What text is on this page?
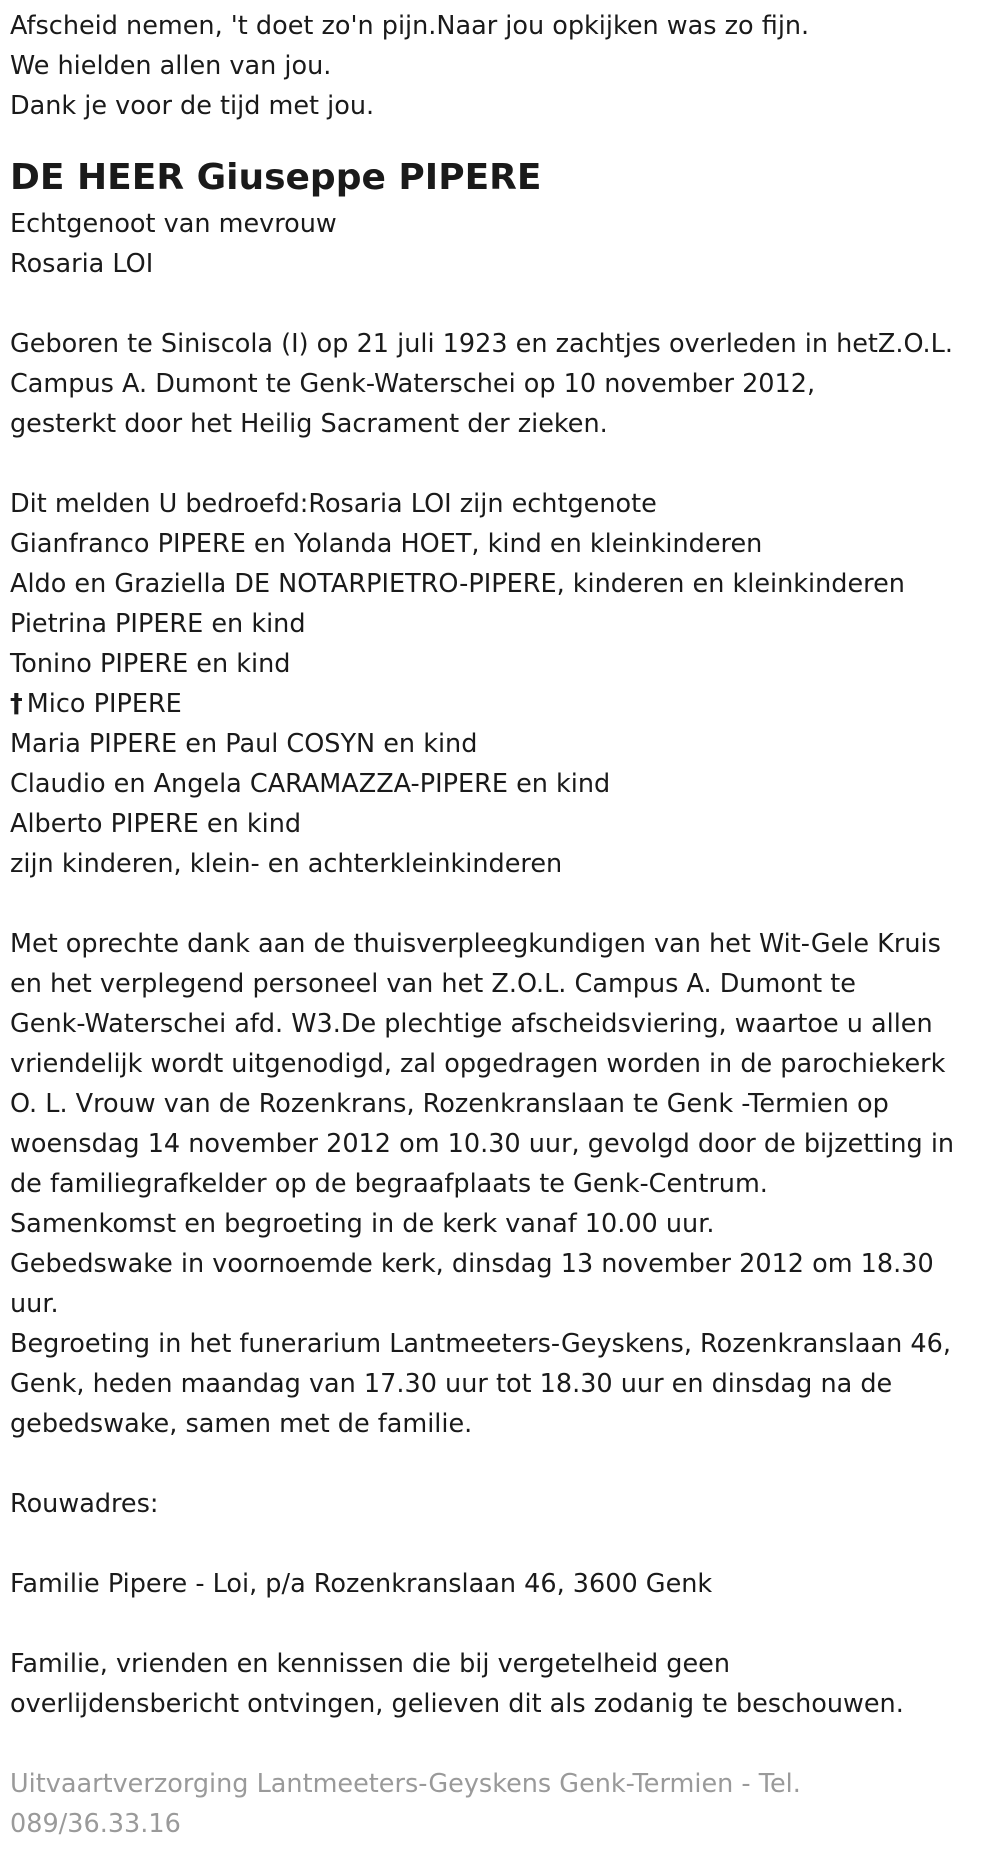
Afscheid nemen, 't doet zo'n pijn.Naar jou opkijken was zo fijn.

We hielden allen van jou.

Dank je voor de tijd met jou.

DE HEER Giuseppe PIPERE

Echtgenoot van mevrouw

Rosaria LOI

Geboren te Siniscola (I) op 21 juli 1923 en zachtjes overleden in hetZ.O.L.

Campus A. Dumont te Genk-Waterschei op 10 november 2012,

gesterkt door het Heilig Sacrament der zieken.

Dit melden U bedroefd:Rosaria LOI zijn echtgenote

Gianfranco PIPERE en Yolanda HOET, kind en kleinkinderen

Aldo en Graziella DE NOTARPIETRO-PIPERE, kinderen en kleinkinderen

Pietrina PIPERE en kind

Tonino PIPERE en kind

† Mico PIPERE

Maria PIPERE en Paul COSYN en kind

Claudio en Angela CARAMAZZA-PIPERE en kind

Alberto PIPERE en kind

zijn kinderen, klein- en achterkleinkinderen

Met oprechte dank aan de thuisverpleegkundigen van het Wit-Gele Kruis

en het verplegend personeel van het Z.O.L. Campus A. Dumont te

Genk-Waterschei afd. W3.De plechtige afscheidsviering, waartoe u allen

vriendelijk wordt uitgenodigd, zal opgedragen worden in de parochiekerk

O. L. Vrouw van de Rozenkrans, Rozenkranslaan te Genk -Termien op

woensdag 14 november 2012 om 10.30 uur, gevolgd door de bijzetting in

de familiegrafkelder op de begraafplaats te Genk-Centrum.

Samenkomst en begroeting in de kerk vanaf 10.00 uur.

Gebedswake in voornoemde kerk, dinsdag 13 november 2012 om 18.30

uur.

Begroeting in het funerarium Lantmeeters-Geyskens, Rozenkranslaan 46,

Genk, heden maandag van 17.30 uur tot 18.30 uur en dinsdag na de

gebedswake, samen met de familie.

Rouwadres:

Familie Pipere - Loi, p/a Rozenkranslaan 46, 3600 Genk

Familie, vrienden en kennissen die bij vergetelheid geen

overlijdensbericht ontvingen, gelieven dit als zodanig te beschouwen.

Uitvaartverzorging Lantmeeters-Geyskens Genk-Termien - Tel.

089/36.33.16
